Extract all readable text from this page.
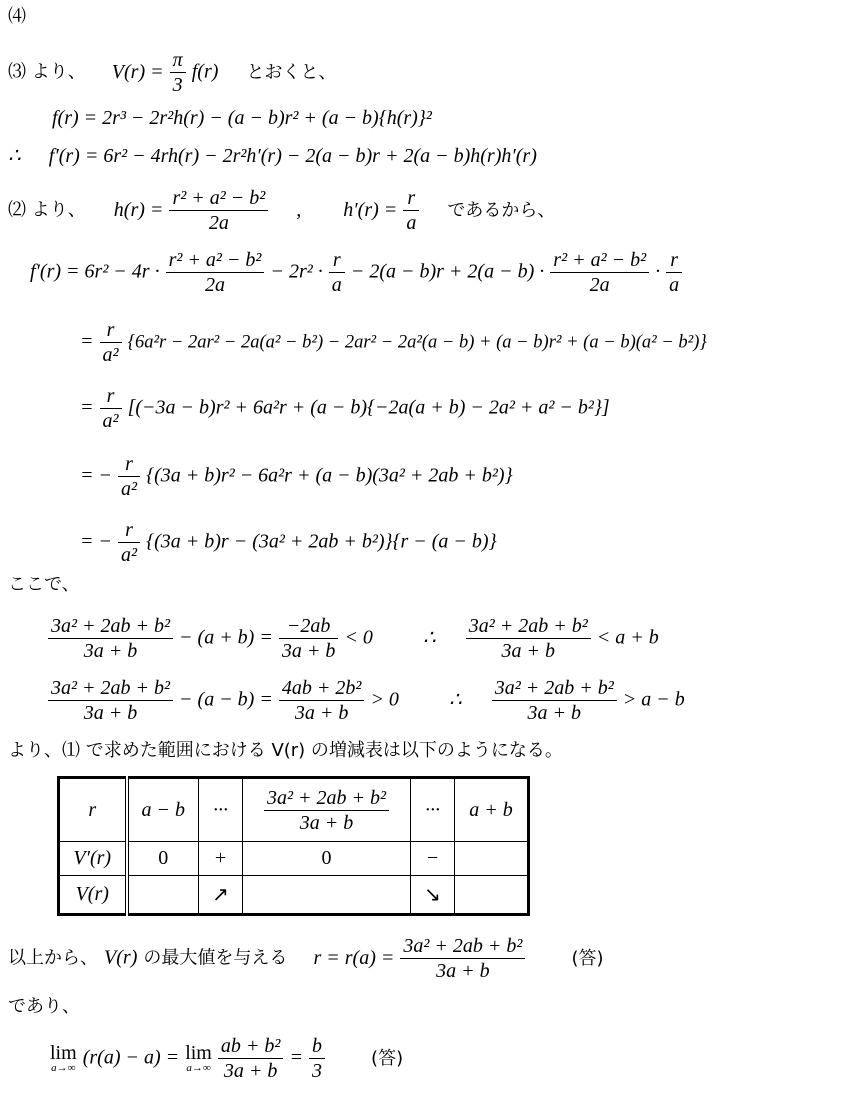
⑷
⑶ より、 $V(r) = \frac{\pi}{3} f(r)$ とおくと、
f(r) = 2r³ − 2r²h(r) − (a − b)r² + (a − b){h(r)}²
∴ f′(r) = 6r² − 4rh(r) − 2r²h′(r) − 2(a − b)r + 2(a − b)h(r)h′(r)
⑵ より、 $h(r) = \frac{\text{r² + a² − b²}}{2a}$ , $h'(r) = \frac{r}{a}$ であるから、
$f'(r) = 6r^2 - 4r \cdot \frac{\text{r² + a² − b²}}{2a} - 2r^2 \cdot \frac{r}{a} - 2(a - b)r + 2(a - b) \cdot \frac{\text{r² + a² − b²}}{2a} \cdot \frac{r}{a}$
= $\frac{r}{\text{a²}} \{6a^2r - 2ar^2 - 2a(a^2 - b^2) - 2ar^2 - 2a^2(a - b) + (a - b)r^2 + (a - b)(a^2 - b^2)\}$
= $\frac{r}{\text{a²}} [(-3a - b)r^2 + 6a^2r + (a - b)\{-2a(a + b) - 2a^2 + a^2 - b^2\}]$
= − $\frac{r}{\text{a²}} \{(3a + b)r^2 - 6a^2r + (a - b)(3a^2 + 2ab + b^2)\}$
= − $\frac{r}{\text{a²}} \{(3a + b)r - (3a^2 + 2ab + b^2)\}\{r - (a - b)\}$
ここで、
$\frac{\text{3a² + 2ab + b²}}{3a + b} - (a + b) = \frac{-2ab}{3a + b} < 0$	∴ $\frac{\text{3a² + 2ab + b²}}{3a + b} < a + b$
$\frac{\text{3a² + 2ab + b²}}{3a + b} - (a - b) = \frac{\text{4ab + 2b²}}{3a + b} > 0$	∴ $\frac{\text{3a² + 2ab + b²}}{3a + b} > a - b$
より、⑴ で求めた範囲における V(r) の増減表は以下のようになる。
r	a − b	···	$\frac{\text{3a² + 2ab + b²}}{3a + b}$	···	a + b
V′(r)	0	+	0	−	
V(r)		↗		↘	
以上から、 V(r) の最大値を与える $r = r(a) = \frac{\text{3a² + 2ab + b²}}{3a + b}$	(答)
であり、
lim
a→∞ (r(a) − a) = lim
a→∞
$\frac{\text{ab + b²}}{3a + b} = \frac{b}{3}$	(答)
